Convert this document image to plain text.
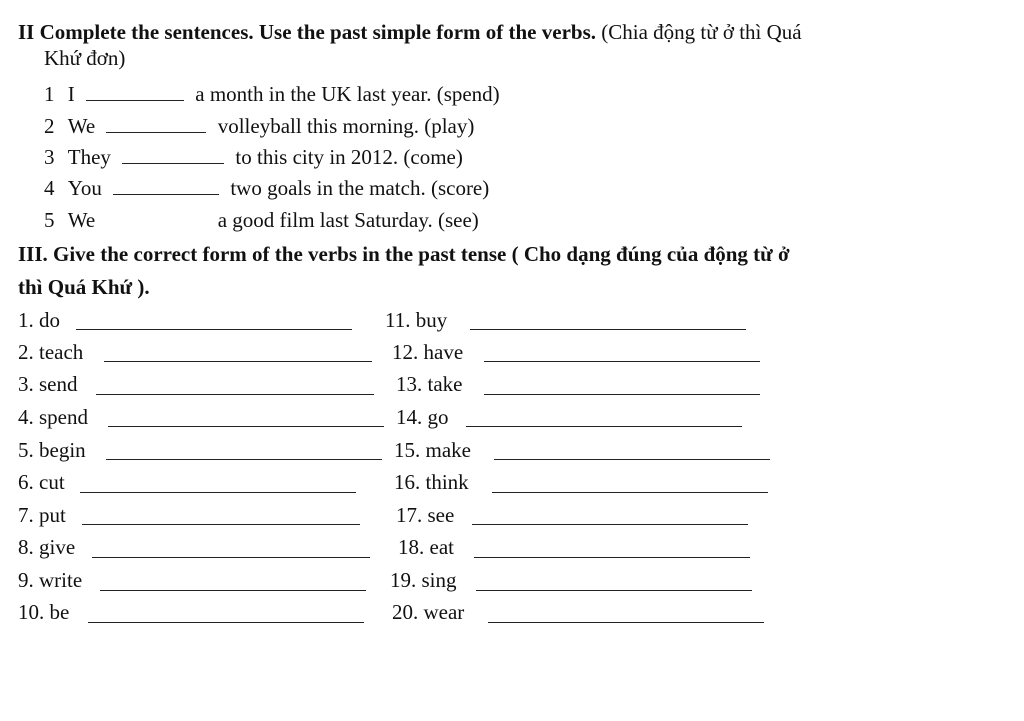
II Complete the sentences. Use the past simple form of the verbs. (Chia động từ ở thì Quá
Khứ đơn)
1 I	a month in the UK last year. (spend)
2 We	volleyball this morning. (play)
3 They	to this city in 2012. (come)
4 You	two goals in the match. (score)
5 We	a good film last Saturday. (see)
III. Give the correct form of the verbs in the past tense ( Cho dạng đúng của động từ ở
thì Quá Khứ ).
1. do
2. teach
3. send
4. spend
5. begin
6. cut
7. put
8. give
9. write
10. be
11. buy
12. have
13. take
14. go
15. make
16. think
17. see
18. eat
19. sing
20. wear
